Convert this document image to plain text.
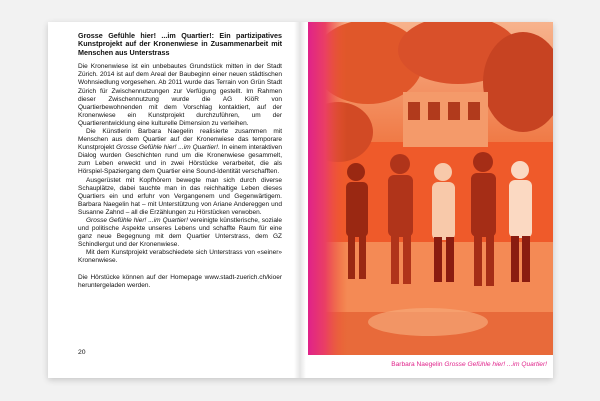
Grosse Gefühle hier! ...im Quartier!: Ein partizipatives Kunstprojekt auf der Kronenwiese in Zusammenarbeit mit Menschen aus Unterstrass

Die Kronenwiese ist ein unbebautes Grundstück mitten in der Stadt Zürich. 2014 ist auf dem Areal der Baubeginn einer neuen städtischen Wohnsiedlung vorgesehen. Ab 2011 wurde das Terrain von Grün Stadt Zürich für Zwischennutzungen zur Verfügung gestellt. Im Rahmen dieser Zwischennutzung wurde die AG KiöR von Quartierbewohnenden mit dem Vorschlag kontaktiert, auf der Kronenwiese ein Kunstprojekt durchzuführen, um der Quartierentwicklung eine kulturelle Dimension zu verleihen.

Die Künstlerin Barbara Naegelin realisierte zusammen mit Menschen aus dem Quartier auf der Kronenwiese das temporare Kunstprojekt Grosse Gefühle hier! ...im Quartier!. In einem interaktiven Dialog wurden Geschichten rund um die Kronenwiese gesammelt, zum Leben erweckt und in zwei Hörstücke verarbeitet, die als Hörspiel-Spaziergang dem Quartier eine Sound-Identität verschafften.

Ausgerüstet mit Kopfhörern bewegte man sich durch diverse Schauplätze, dabei tauchte man in das reichhaltige Leben dieses Quartiers ein und erfuhr von Vergangenem und Gegenwärtigem. Barbara Naegelin hat – mit Unterstützung von Ariane Andereggen und Susanne Zahnd – all die Erzählungen zu Hörstücken verwoben.

Grosse Gefühle hier! ...im Quartier! vereinigte künstlerische, soziale und politische Aspekte unseres Lebens und schaffte Raum für eine ganz neue Begegnung mit dem Quartier Unterstrass, dem GZ Schindlergut und der Kronenwiese.

Mit dem Kunstprojekt verabschiedete sich Unterstrass von «seiner» Kronenwiese.

Die Hörstücke können auf der Homepage www.stadt-zuerich.ch/kioer heruntergeladen werden.

20
Barbara Naegelin Grosse Gefühle hier! ...im Quartier!
